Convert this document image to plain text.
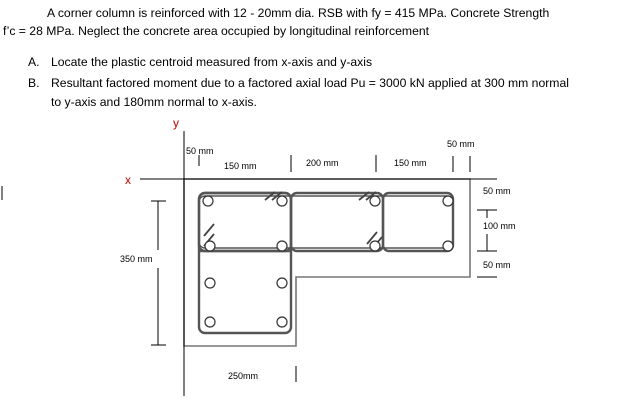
A corner column is reinforced with 12 - 20mm dia. RSB with fy = 415 MPa. Concrete Strength
f’c = 28 MPa. Neglect the concrete area occupied by longitudinal reinforcement
A. Locate the plastic centroid measured from x-axis and y-axis
B. Resultant factored moment due to a factored axial load Pu = 3000 kN applied at 300 mm normal
to y-axis and 180mm normal to x-axis.
x
y
50 mm
150 mm	200 mm	150 mm
50 mm
50 mm
100 mm
50 mm
350 mm
250mm
